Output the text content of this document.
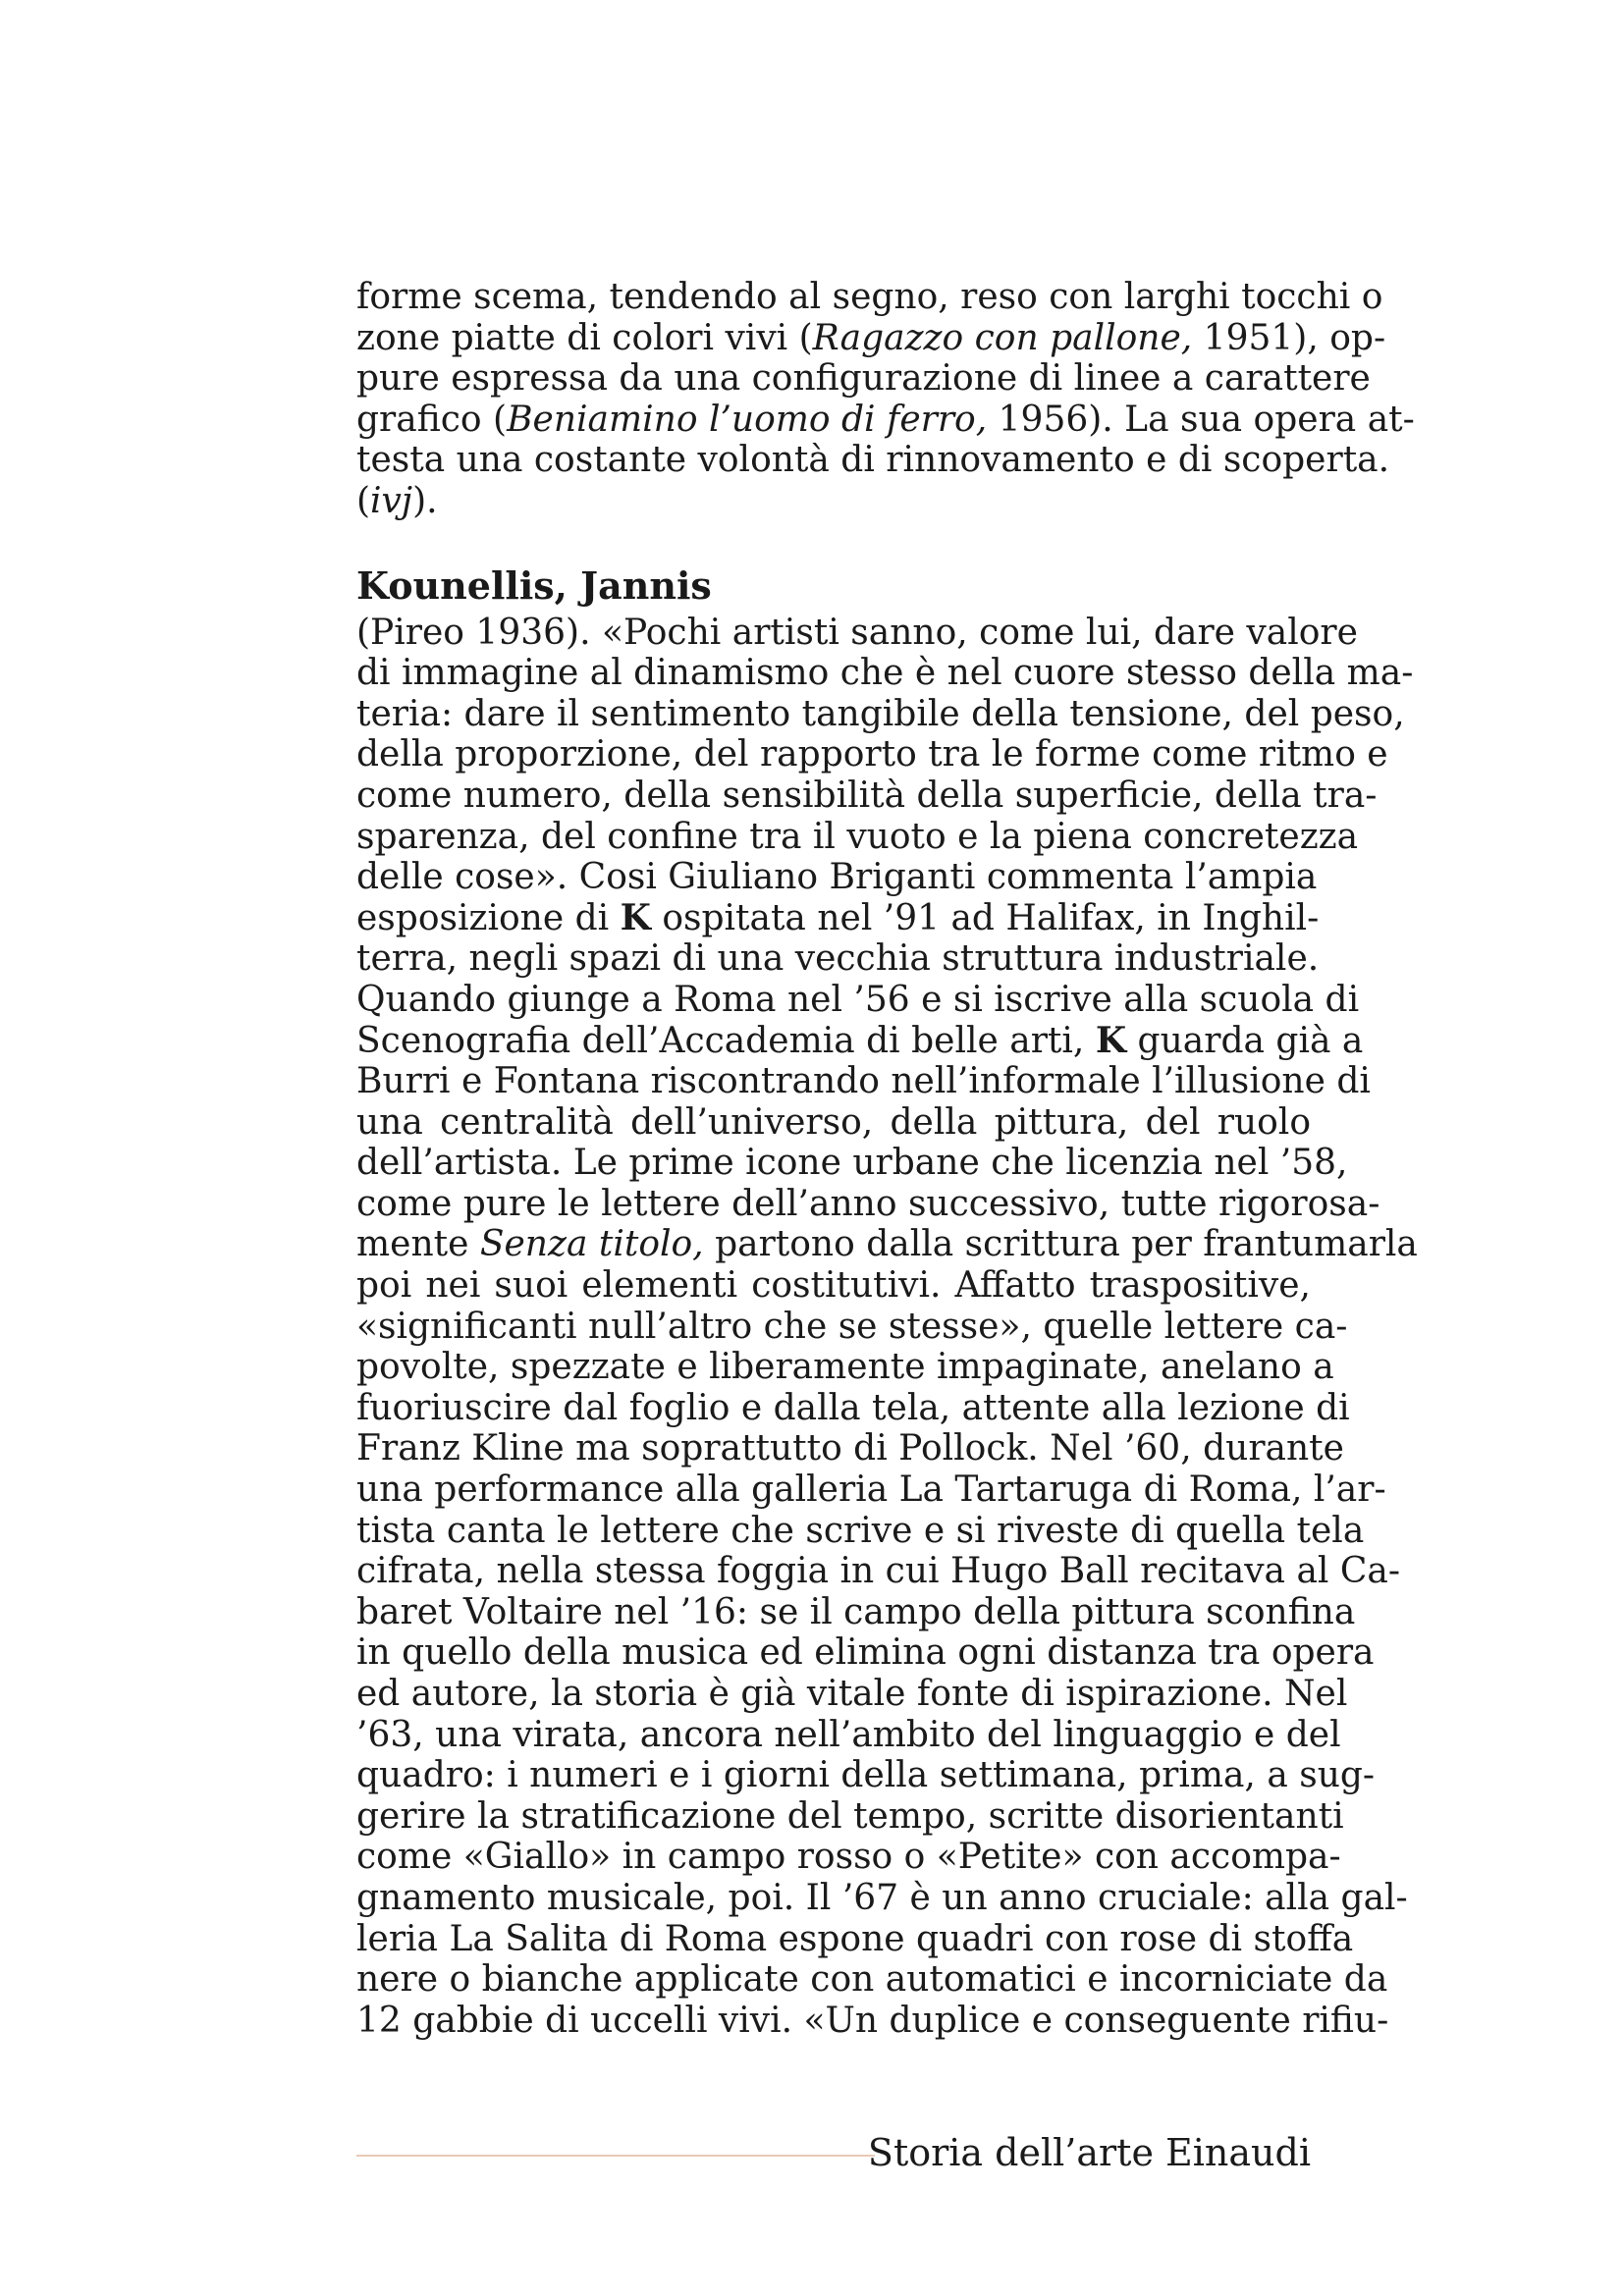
forme scema, tendendo al segno, reso con larghi tocchi o
zone piatte di colori vivi (Ragazzo con pallone, 1951), op-
pure espressa da una configurazione di linee a carattere
grafico (Beniamino l’uomo di ferro, 1956). La sua opera at-
testa una costante volontà di rinnovamento e di scoperta.
(ivj).
Kounellis, Jannis
(Pireo 1936). «Pochi artisti sanno, come lui, dare valore
di immagine al dinamismo che è nel cuore stesso della ma-
teria: dare il sentimento tangibile della tensione, del peso,
della proporzione, del rapporto tra le forme come ritmo e
come numero, della sensibilità della superficie, della tra-
sparenza, del confine tra il vuoto e la piena concretezza
delle cose». Cosi Giuliano Briganti commenta l’ampia
esposizione di K ospitata nel ’91 ad Halifax, in Inghil-
terra, negli spazi di una vecchia struttura industriale.
Quando giunge a Roma nel ’56 e si iscrive alla scuola di
Scenografia dell’Accademia di belle arti, K guarda già a
Burri e Fontana riscontrando nell’informale l’illusione di
una centralità dell’universo, della pittura, del ruolo
dell’artista. Le prime icone urbane che licenzia nel ’58,
come pure le lettere dell’anno successivo, tutte rigorosa-
mente Senza titolo, partono dalla scrittura per frantumarla
poi nei suoi elementi costitutivi. Affatto traspositive,
«significanti null’altro che se stesse», quelle lettere ca-
povolte, spezzate e liberamente impaginate, anelano a
fuoriuscire dal foglio e dalla tela, attente alla lezione di
Franz Kline ma soprattutto di Pollock. Nel ’60, durante
una performance alla galleria La Tartaruga di Roma, l’ar-
tista canta le lettere che scrive e si riveste di quella tela
cifrata, nella stessa foggia in cui Hugo Ball recitava al Ca-
baret Voltaire nel ’16: se il campo della pittura sconfina
in quello della musica ed elimina ogni distanza tra opera
ed autore, la storia è già vitale fonte di ispirazione. Nel
’63, una virata, ancora nell’ambito del linguaggio e del
quadro: i numeri e i giorni della settimana, prima, a sug-
gerire la stratificazione del tempo, scritte disorientanti
come «Giallo» in campo rosso o «Petite» con accompa-
gnamento musicale, poi. Il ’67 è un anno cruciale: alla gal-
leria La Salita di Roma espone quadri con rose di stoffa
nere o bianche applicate con automatici e incorniciate da
12 gabbie di uccelli vivi. «Un duplice e conseguente rifiu-
Storia dell’arte Einaudi
